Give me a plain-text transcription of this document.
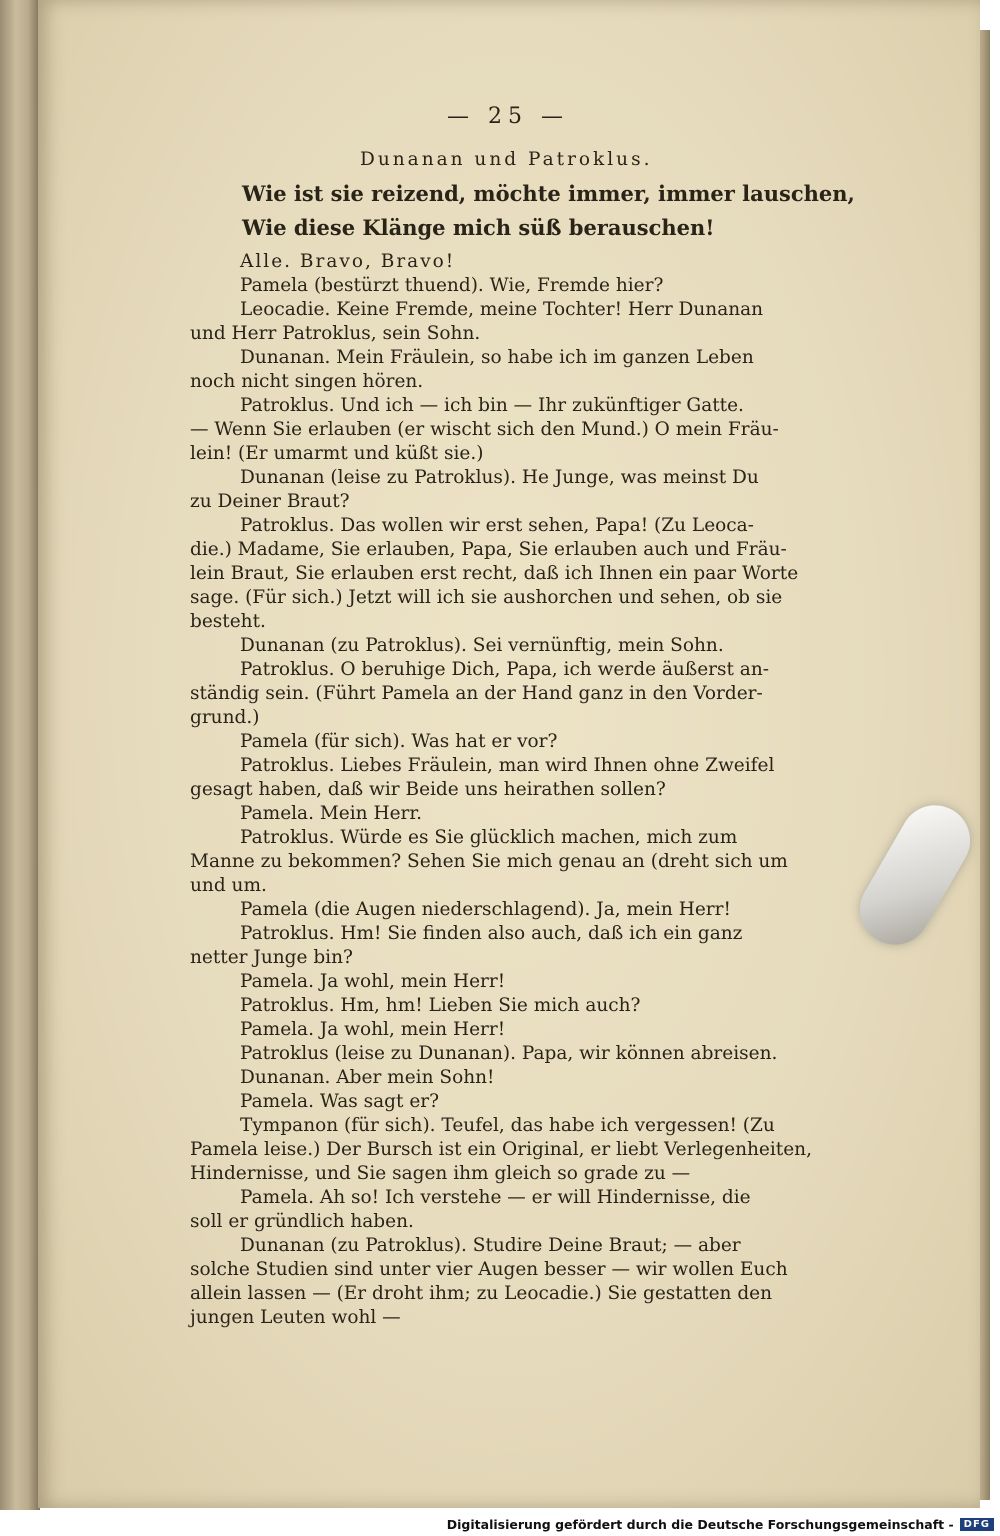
— 25 —
Dunanan und Patroklus.
Wie ist sie reizend, möchte immer, immer lauschen,
Wie diese Klänge mich süß berauschen!
Alle. Bravo, Bravo!
Pamela (bestürzt thuend). Wie, Fremde hier?
Leocadie. Keine Fremde, meine Tochter! Herr Dunanan
und Herr Patroklus, sein Sohn.
Dunanan. Mein Fräulein, so habe ich im ganzen Leben
noch nicht singen hören.
Patroklus. Und ich — ich bin — Ihr zukünftiger Gatte.
— Wenn Sie erlauben (er wischt sich den Mund.) O mein Fräu-
lein! (Er umarmt und küßt sie.)
Dunanan (leise zu Patroklus). He Junge, was meinst Du
zu Deiner Braut?
Patroklus. Das wollen wir erst sehen, Papa! (Zu Leoca-
die.) Madame, Sie erlauben, Papa, Sie erlauben auch und Fräu-
lein Braut, Sie erlauben erst recht, daß ich Ihnen ein paar Worte
sage. (Für sich.) Jetzt will ich sie aushorchen und sehen, ob sie
besteht.
Dunanan (zu Patroklus). Sei vernünftig, mein Sohn.
Patroklus. O beruhige Dich, Papa, ich werde äußerst an-
ständig sein. (Führt Pamela an der Hand ganz in den Vorder-
grund.)
Pamela (für sich). Was hat er vor?
Patroklus. Liebes Fräulein, man wird Ihnen ohne Zweifel
gesagt haben, daß wir Beide uns heirathen sollen?
Pamela. Mein Herr.
Patroklus. Würde es Sie glücklich machen, mich zum
Manne zu bekommen? Sehen Sie mich genau an (dreht sich um
und um.
Pamela (die Augen niederschlagend). Ja, mein Herr!
Patroklus. Hm! Sie finden also auch, daß ich ein ganz
netter Junge bin?
Pamela. Ja wohl, mein Herr!
Patroklus. Hm, hm! Lieben Sie mich auch?
Pamela. Ja wohl, mein Herr!
Patroklus (leise zu Dunanan). Papa, wir können abreisen.
Dunanan. Aber mein Sohn!
Pamela. Was sagt er?
Tympanon (für sich). Teufel, das habe ich vergessen! (Zu
Pamela leise.) Der Bursch ist ein Original, er liebt Verlegenheiten,
Hindernisse, und Sie sagen ihm gleich so grade zu —
Pamela. Ah so! Ich verstehe — er will Hindernisse, die
soll er gründlich haben.
Dunanan (zu Patroklus). Studire Deine Braut; — aber
solche Studien sind unter vier Augen besser — wir wollen Euch
allein lassen — (Er droht ihm; zu Leocadie.) Sie gestatten den
jungen Leuten wohl —
Digitalisierung gefördert durch die Deutsche Forschungsgemeinschaft -	DFG
